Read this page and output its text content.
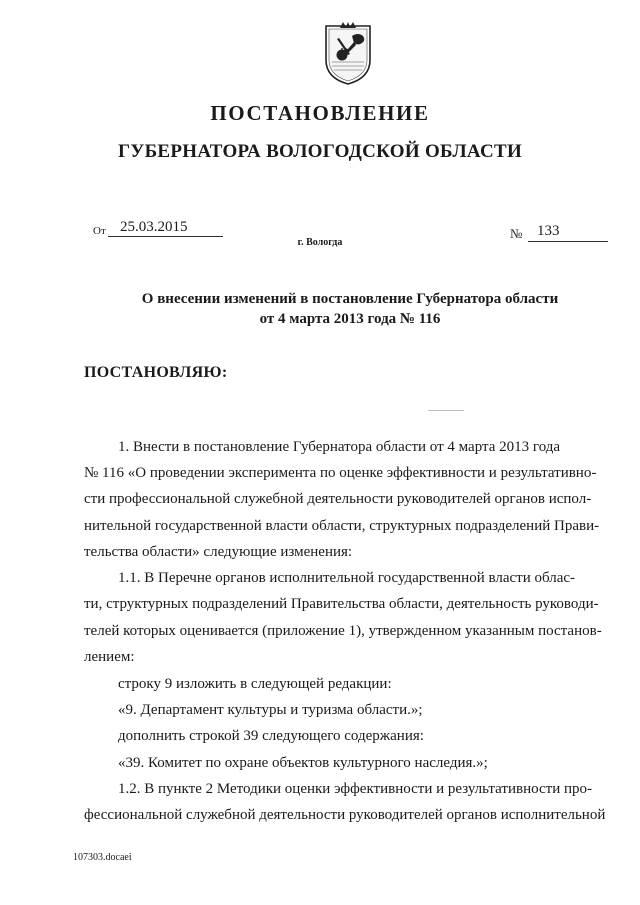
ПОСТАНОВЛЕНИЕ
ГУБЕРНАТОРА ВОЛОГОДСКОЙ ОБЛАСТИ
От 25.03.2015	№ 133
г. Вологда
О внесении изменений в постановление Губернатора области
от 4 марта 2013 года № 116
ПОСТАНОВЛЯЮ:
1. Внести в постановление Губернатора области от 4 марта 2013 года
№ 116 «О проведении эксперимента по оценке эффективности и результативно-
сти профессиональной служебной деятельности руководителей органов испол-
нительной государственной власти области, структурных подразделений Прави-
тельства области» следующие изменения:
1.1. В Перечне органов исполнительной государственной власти облас-
ти, структурных подразделений Правительства области, деятельность руководи-
телей которых оценивается (приложение 1), утвержденном указанным постанов-
лением:
строку 9 изложить в следующей редакции:
«9. Департамент культуры и туризма области.»;
дополнить строкой 39 следующего содержания:
«39. Комитет по охране объектов культурного наследия.»;
1.2. В пункте 2 Методики оценки эффективности и результативности про-
фессиональной служебной деятельности руководителей органов исполнительной
107303.docaei
